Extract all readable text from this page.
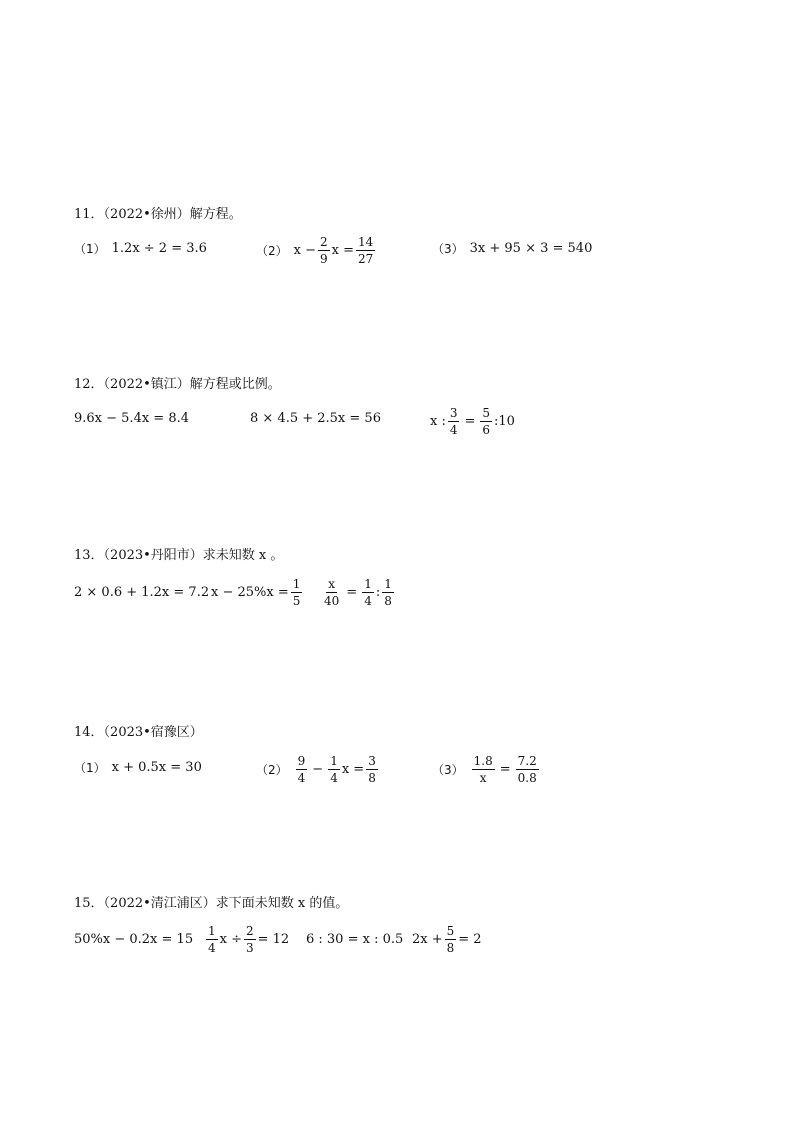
11．（2022•徐州）解方程。
（1） 1.2x ÷ 2 = 3.6	（2） $x - \frac{2}{9}$ $x = \frac{14}{27}$	（3） 3x + 95 × 3 = 540
12．（2022•镇江）解方程或比例。
9.6x − 5.4x = 8.4	8 × 4.5 + 2.5x = 56	x : $\frac{3}{4} = \frac{5}{6}$ :10
13．（2023•丹阳市）求未知数 x 。
2 × 0.6 + 1.2x = 7.2 $x - 25\%x = \frac{1}{5} \frac{x}{40} = \frac{1}{4}$ : $\frac{1}{8}$
14．（2023•宿豫区）
（1） x + 0.5x = 30	$(2) \frac{9}{4} - \frac{1}{4}$ $x = \frac{3}{8}$	$(3) \frac{1.8}{x} = \frac{7.2}{0.8}$
15．（2022•清江浦区）求下面未知数 x 的值。
$50\%x - 0.2x = 15 \frac{1}{4}$ $x \div \frac{2}{3} = 12$ 6 : 30 = x : 0.5 $2x + \frac{5}{8} = 2$
